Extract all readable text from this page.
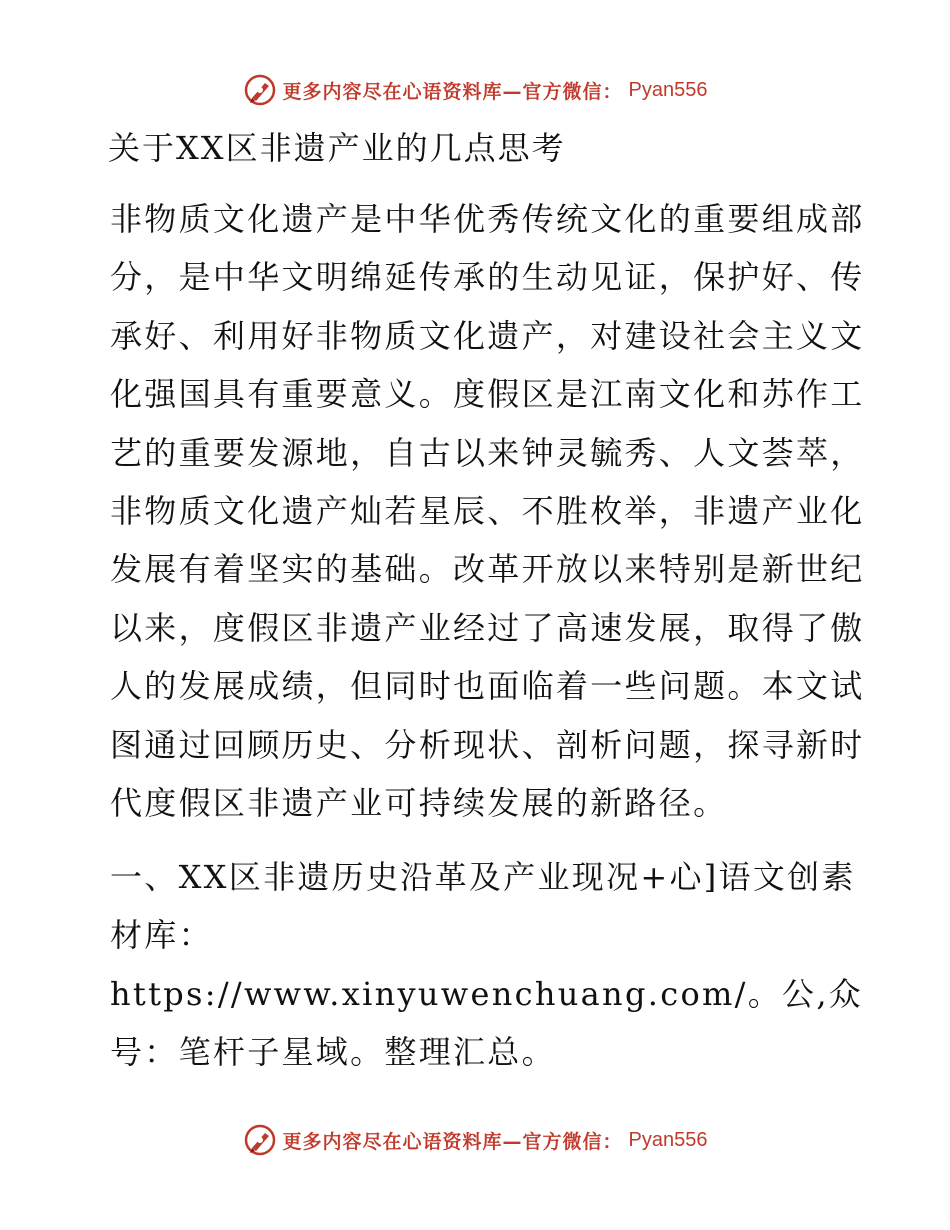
更多内容尽在心语资料库—官方微信： Pyan556
关于XX区非遗产业的几点思考

非物质文化遗产是中华优秀传统文化的重要组成部分，是中华文明绵延传承的生动见证，保护好、传承好、利用好非物质文化遗产，对建设社会主义文化强国具有重要意义。度假区是江南文化和苏作工艺的重要发源地，自古以来钟灵毓秀、人文荟萃，非物质文化遗产灿若星辰、不胜枚举，非遗产业化发展有着坚实的基础。改革开放以来特别是新世纪以来，度假区非遗产业经过了高速发展，取得了傲人的发展成绩，但同时也面临着一些问题。本文试图通过回顾历史、分析现状、剖析问题，探寻新时代度假区非遗产业可持续发展的新路径。

一、XX区非遗历史沿革及产业现况+心]语文创素材库：https://www.xinyuwenchuang.com/。公,众号：笔杆子星域。整理汇总。

更多内容尽在心语资料库—官方微信： Pyan556
